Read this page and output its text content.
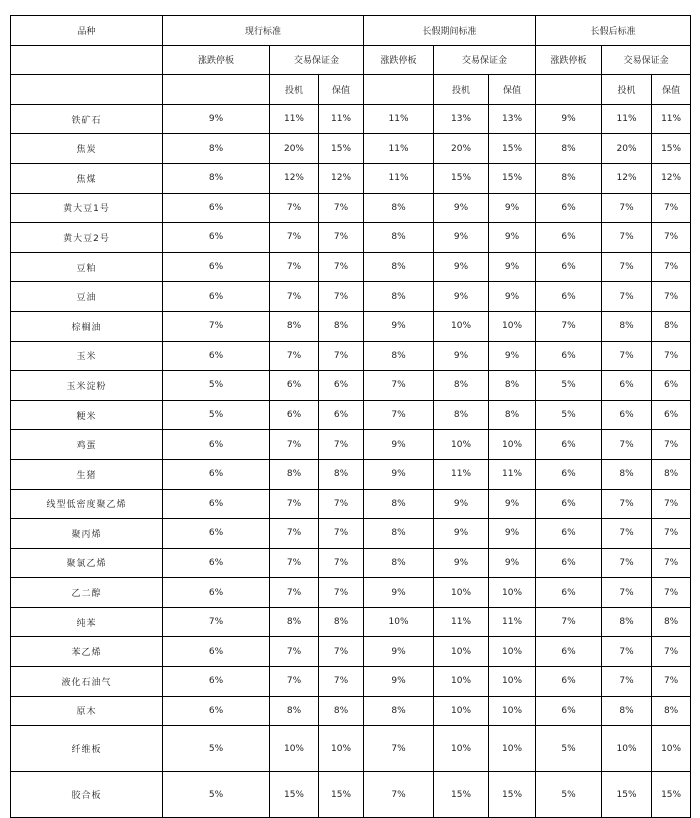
品种	现行标准			长假期间标准			长假后标准		
	涨跌停板	交易保证金		涨跌停板	交易保证金		涨跌停板	交易保证金	
		投机	保值		投机	保值		投机	保值
铁矿石	9%	11%	11%	11%	13%	13%	9%	11%	11%
焦炭	8%	20%	15%	11%	20%	15%	8%	20%	15%
焦煤	8%	12%	12%	11%	15%	15%	8%	12%	12%
黄大豆1号	6%	7%	7%	8%	9%	9%	6%	7%	7%
黄大豆2号	6%	7%	7%	8%	9%	9%	6%	7%	7%
豆粕	6%	7%	7%	8%	9%	9%	6%	7%	7%
豆油	6%	7%	7%	8%	9%	9%	6%	7%	7%
棕榈油	7%	8%	8%	9%	10%	10%	7%	8%	8%
玉米	6%	7%	7%	8%	9%	9%	6%	7%	7%
玉米淀粉	5%	6%	6%	7%	8%	8%	5%	6%	6%
粳米	5%	6%	6%	7%	8%	8%	5%	6%	6%
鸡蛋	6%	7%	7%	9%	10%	10%	6%	7%	7%
生猪	6%	8%	8%	9%	11%	11%	6%	8%	8%
线型低密度聚乙烯	6%	7%	7%	8%	9%	9%	6%	7%	7%
聚丙烯	6%	7%	7%	8%	9%	9%	6%	7%	7%
聚氯乙烯	6%	7%	7%	8%	9%	9%	6%	7%	7%
乙二醇	6%	7%	7%	9%	10%	10%	6%	7%	7%
纯苯	7%	8%	8%	10%	11%	11%	7%	8%	8%
苯乙烯	6%	7%	7%	9%	10%	10%	6%	7%	7%
液化石油气	6%	7%	7%	9%	10%	10%	6%	7%	7%
原木	6%	8%	8%	8%	10%	10%	6%	8%	8%
纤维板	5%	10%	10%	7%	10%	10%	5%	10%	10%
胶合板	5%	15%	15%	7%	15%	15%	5%	15%	15%
